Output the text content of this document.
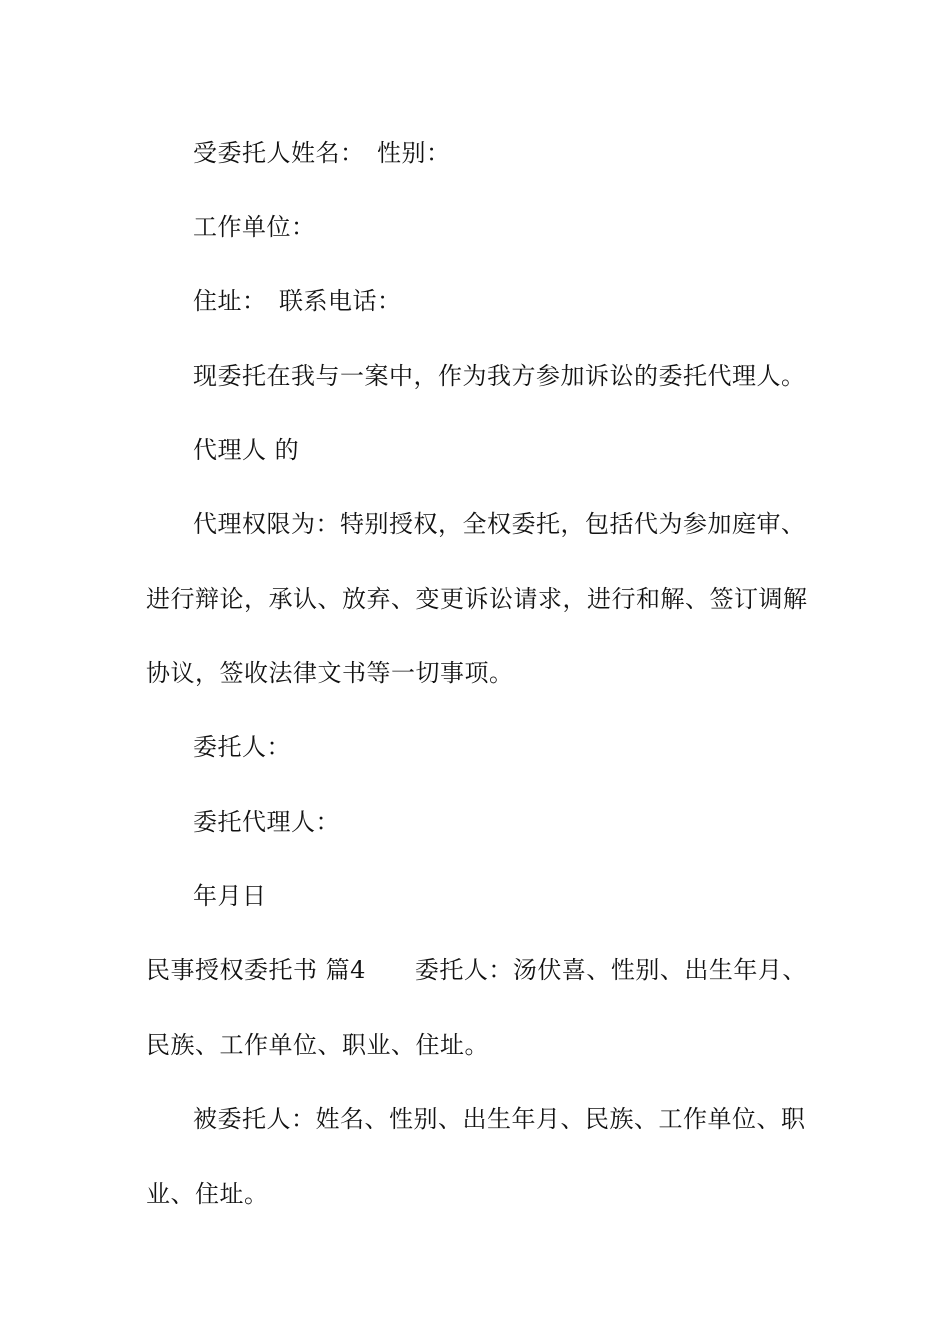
受委托人姓名：　性别：
工作单位：
住址：　联系电话：
现委托在我与一案中，作为我方参加诉讼的委托代理人。
代理人 的
代理权限为：特别授权，全权委托，包括代为参加庭审、
进行辩论，承认、放弃、变更诉讼请求，进行和解、签订调解
协议，签收法律文书等一切事项。
委托人：
委托代理人：
年月日
民事授权委托书 篇4　　委托人：汤伏喜、性别、出生年月、
民族、工作单位、职业、住址。
被委托人：姓名、性别、出生年月、民族、工作单位、职
业、住址。
